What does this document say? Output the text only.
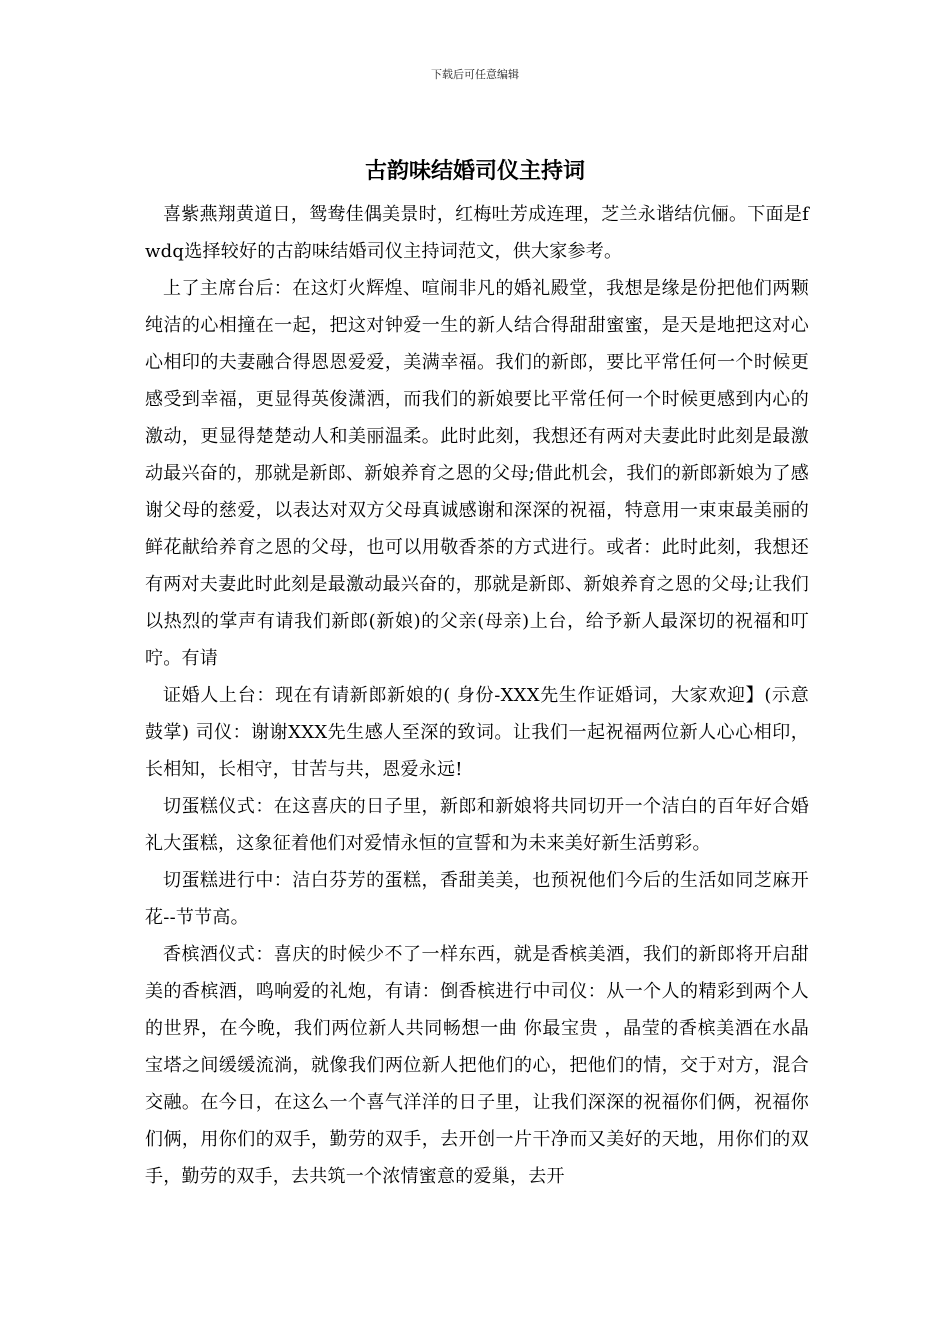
下载后可任意编辑
古韵味结婚司仪主持词

喜紫燕翔黄道日，鸳鸯佳偶美景时，红梅吐芳成连理，芝兰永谐结伉俪。下面是fwdq选择较好的古韵味结婚司仪主持词范文，供大家参考。

上了主席台后：在这灯火辉煌、喧闹非凡的婚礼殿堂，我想是缘是份把他们两颗纯洁的心相撞在一起，把这对钟爱一生的新人结合得甜甜蜜蜜，是天是地把这对心心相印的夫妻融合得恩恩爱爱，美满幸福。我们的新郎，要比平常任何一个时候更感受到幸福，更显得英俊潇洒，而我们的新娘要比平常任何一个时候更感到内心的激动，更显得楚楚动人和美丽温柔。此时此刻，我想还有两对夫妻此时此刻是最激动最兴奋的，那就是新郎、新娘养育之恩的父母;借此机会，我们的新郎新娘为了感谢父母的慈爱，以表达对双方父母真诚感谢和深深的祝福，特意用一束束最美丽的鲜花献给养育之恩的父母，也可以用敬香茶的方式进行。或者：此时此刻，我想还有两对夫妻此时此刻是最激动最兴奋的，那就是新郎、新娘养育之恩的父母;让我们以热烈的掌声有请我们新郎(新娘)的父亲(母亲)上台，给予新人最深切的祝福和叮咛。有请

证婚人上台：现在有请新郎新娘的( 身份-XXX先生作证婚词，大家欢迎】(示意鼓掌) 司仪：谢谢XXX先生感人至深的致词。让我们一起祝福两位新人心心相印，长相知，长相守，甘苦与共，恩爱永远!

切蛋糕仪式：在这喜庆的日子里，新郎和新娘将共同切开一个洁白的百年好合婚礼大蛋糕，这象征着他们对爱情永恒的宣誓和为未来美好新生活剪彩。

切蛋糕进行中：洁白芬芳的蛋糕，香甜美美，也预祝他们今后的生活如同芝麻开花--节节高。

香槟酒仪式：喜庆的时候少不了一样东西，就是香槟美酒，我们的新郎将开启甜美的香槟酒，鸣响爱的礼炮，有请：倒香槟进行中司仪：从一个人的精彩到两个人的世界，在今晚，我们两位新人共同畅想一曲 你最宝贵 ，晶莹的香槟美酒在水晶宝塔之间缓缓流淌，就像我们两位新人把他们的心，把他们的情，交于对方，混合交融。在今日，在这么一个喜气洋洋的日子里，让我们深深的祝福你们俩，祝福你们俩，用你们的双手，勤劳的双手，去开创一片干净而又美好的天地，用你们的双手，勤劳的双手，去共筑一个浓情蜜意的爱巢，去开
